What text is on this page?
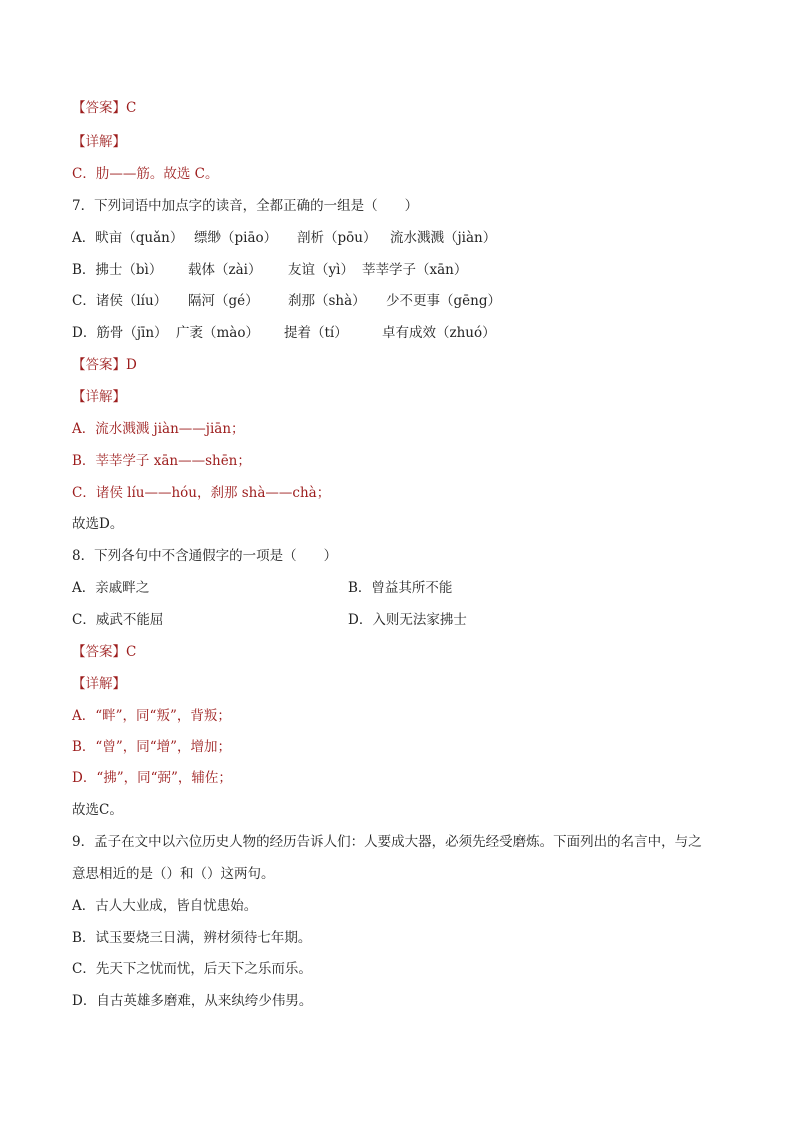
【答案】C
【详解】
C．肋——筋。故选 C。
7．下列词语中加点字的读音，全都正确的一组是（　　）
A．畎亩（quǎn） 缥缈（piāo） 剖析（pōu） 流水溅溅（jiàn）
B．拂士（bì） 载体（zài） 友谊（yì） 莘莘学子（xān）
C．诸侯（líu） 隔河（gé） 刹那（shà） 少不更事（gēng）
D．筋骨（jīn） 广袤（mào） 提着（tí）	卓有成效（zhuó）
【答案】D
【详解】
A．流水溅溅 jiàn——jiān；
B．莘莘学子 xān——shēn；
C．诸侯 líu——hóu，刹那 shà——chà；
故选D。
8．下列各句中不含通假字的一项是（　　）
A．亲戚畔之	B．曾益其所不能
C．威武不能屈	D．入则无法家拂士
【答案】C
【详解】
A．“畔”，同“叛”，背叛；
B．“曾”，同“增”，增加；
D．“拂”，同“弼”，辅佐；
故选C。
9．孟子在文中以六位历史人物的经历告诉人们：人要成大器，必须先经受磨炼。下面列出的名言中，与之
意思相近的是（）和（）这两句。
A．古人大业成，皆自忧患始。
B．试玉要烧三日满，辨材须待七年期。
C．先天下之忧而忧，后天下之乐而乐。
D．自古英雄多磨难，从来纨绔少伟男。
